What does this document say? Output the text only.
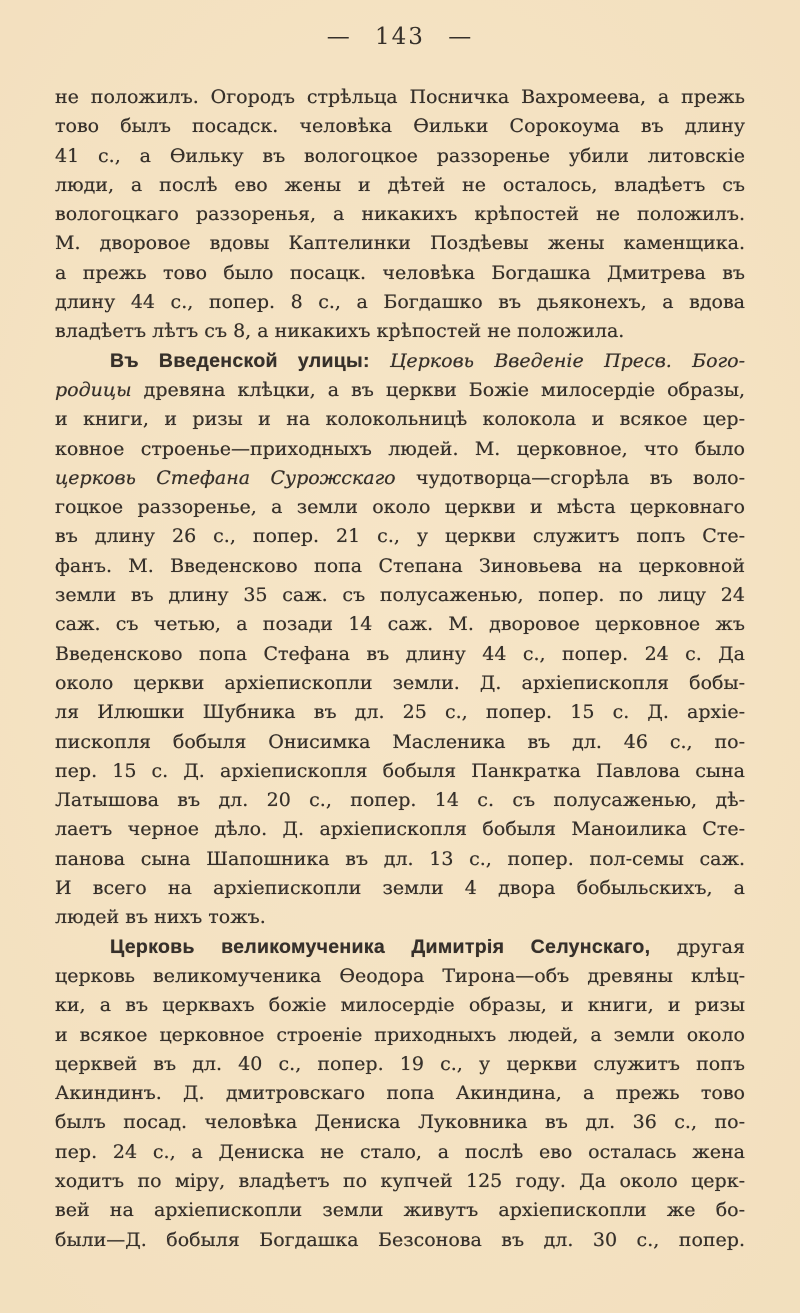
— 143 —
не положилъ. Огородъ стрѣльца Посничка Вахромеева, а прежь
тово былъ посадск. человѣка Ѳильки Сорокоума въ длину
41 с., а Ѳильку въ вологоцкое раззоренье убили литовскіе
люди, а послѣ ево жены и дѣтей не осталось, владѣетъ съ
вологоцкаго раззоренья, а никакихъ крѣпостей не положилъ.
М. дворовое вдовы Каптелинки Поздѣевы жены каменщика.
а прежь тово было посацк. человѣка Богдашка Дмитрева въ
длину 44 с., попер. 8 с., а Богдашко въ дьяконехъ, а вдова
владѣетъ лѣтъ съ 8, а никакихъ крѣпостей не положила.
Въ Введенской улицы: Церковь Введеніе Пресв. Бого-
родицы древяна клѣцки, а въ церкви Божіе милосердіе образы,
и книги, и ризы и на колокольницѣ колокола и всякое цер-
ковное строенье—приходныхъ людей. М. церковное, что было
церковь Стефана Сурожскаго чудотворца—сгорѣла въ воло-
гоцкое раззоренье, а земли около церкви и мѣста церковнаго
въ длину 26 с., попер. 21 с., у церкви служитъ попъ Сте-
фанъ. М. Введенсково попа Степана Зиновьева на церковной
земли въ длину 35 саж. съ полусаженью, попер. по лицу 24
саж. съ четью, а позади 14 саж. М. дворовое церковное жъ
Введенсково попа Стефана въ длину 44 с., попер. 24 с. Да
около церкви архіепископли земли. Д. архіепископля бобы-
ля Илюшки Шубника въ дл. 25 с., попер. 15 с. Д. архіе-
пископля бобыля Онисимка Масленика въ дл. 46 с., по-
пер. 15 с. Д. архіепископля бобыля Панкратка Павлова сына
Латышова въ дл. 20 с., попер. 14 с. съ полусаженью, дѣ-
лаетъ черное дѣло. Д. архіепископля бобыля Маноилика Сте-
панова сына Шапошника въ дл. 13 с., попер. пол-семы саж.
И всего на архіепископли земли 4 двора бобыльскихъ, а
людей въ нихъ тожъ.
Церковь великомученика Димитрія Селунскаго, другая
церковь великомученика Ѳеодора Тирона—объ древяны клѣц-
ки, а въ церквахъ божіе милосердіе образы, и книги, и ризы
и всякое церковное строеніе приходныхъ людей, а земли около
церквей въ дл. 40 с., попер. 19 с., у церкви служитъ попъ
Акиндинъ. Д. дмитровскаго попа Акиндина, а прежь тово
былъ посад. человѣка Дениска Луковника въ дл. 36 с., по-
пер. 24 с., а Дениска не стало, а послѣ ево осталась жена
ходитъ по міру, владѣетъ по купчей 125 году. Да около церк-
вей на архіепископли земли живутъ архіепископли же бо-
были—Д. бобыля Богдашка Безсонова въ дл. 30 с., попер.
